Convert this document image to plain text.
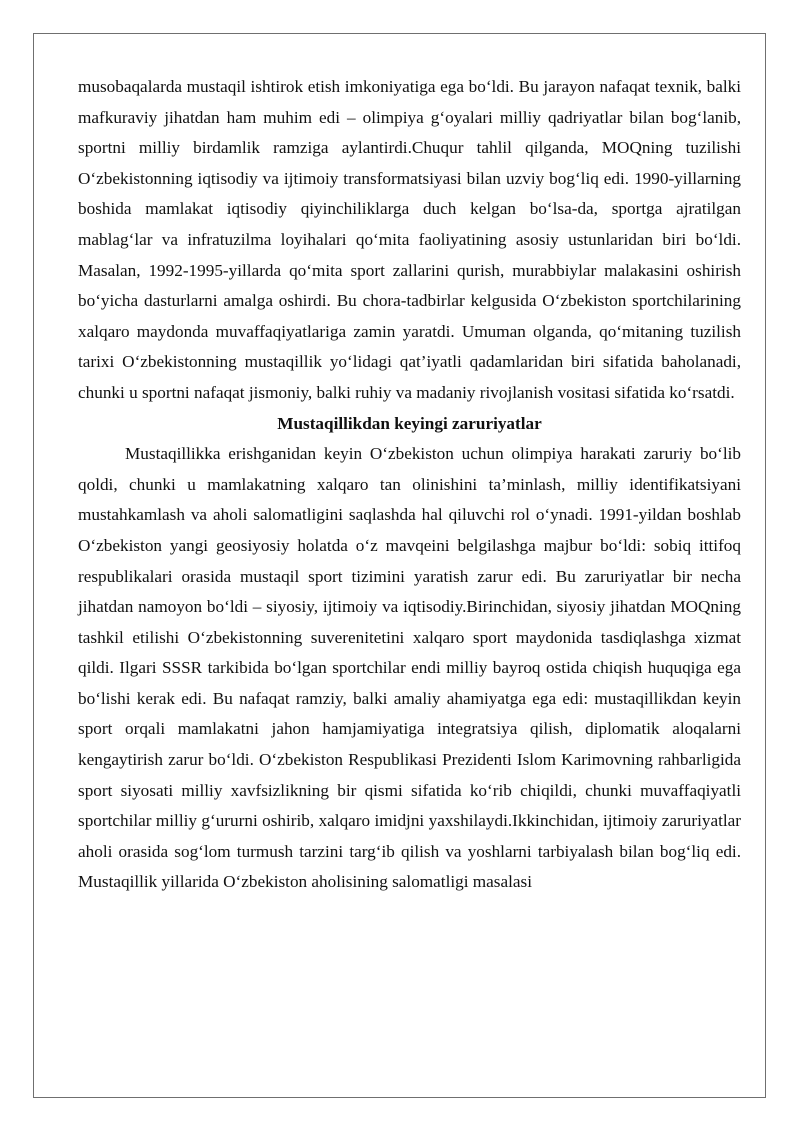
musobaqalarda mustaqil ishtirok etish imkoniyatiga ega bo‘ldi. Bu jarayon nafaqat texnik, balki mafkuraviy jihatdan ham muhim edi – olimpiya g‘oyalari milliy qadriyatlar bilan bog‘lanib, sportni milliy birdamlik ramziga aylantirdi.Chuqur tahlil qilganda, MOQning tuzilishi O‘zbekistonning iqtisodiy va ijtimoiy transformatsiyasi bilan uzviy bog‘liq edi. 1990-yillarning boshida mamlakat iqtisodiy qiyinchiliklarga duch kelgan bo‘lsa-da, sportga ajratilgan mablag‘lar va infratuzilma loyihalari qo‘mita faoliyatining asosiy ustunlaridan biri bo‘ldi. Masalan, 1992-1995-yillarda qo‘mita sport zallarini qurish, murabbiylar malakasini oshirish bo‘yicha dasturlarni amalga oshirdi. Bu chora-tadbirlar kelgusida O‘zbekiston sportchilarining xalqaro maydonda muvaffaqiyatlariga zamin yaratdi. Umuman olganda, qo‘mitaning tuzilish tarixi O‘zbekistonning mustaqillik yo‘lidagi qat’iyatli qadamlaridan biri sifatida baholanadi, chunki u sportni nafaqat jismoniy, balki ruhiy va madaniy rivojlanish vositasi sifatida ko‘rsatdi.

Mustaqillikdan keyingi zaruriyatlar

Mustaqillikka erishganidan keyin O‘zbekiston uchun olimpiya harakati zaruriy bo‘lib qoldi, chunki u mamlakatning xalqaro tan olinishini ta’minlash, milliy identifikatsiyani mustahkamlash va aholi salomatligini saqlashda hal qiluvchi rol o‘ynadi. 1991-yildan boshlab O‘zbekiston yangi geosiyosiy holatda o‘z mavqeini belgilashga majbur bo‘ldi: sobiq ittifoq respublikalari orasida mustaqil sport tizimini yaratish zarur edi. Bu zaruriyatlar bir necha jihatdan namoyon bo‘ldi – siyosiy, ijtimoiy va iqtisodiy.Birinchidan, siyosiy jihatdan MOQning tashkil etilishi O‘zbekistonning suverenitetini xalqaro sport maydonida tasdiqlashga xizmat qildi. Ilgari SSSR tarkibida bo‘lgan sportchilar endi milliy bayroq ostida chiqish huquqiga ega bo‘lishi kerak edi. Bu nafaqat ramziy, balki amaliy ahamiyatga ega edi: mustaqillikdan keyin sport orqali mamlakatni jahon hamjamiyatiga integratsiya qilish, diplomatik aloqalarni kengaytirish zarur bo‘ldi. O‘zbekiston Respublikasi Prezidenti Islom Karimovning rahbarligida sport siyosati milliy xavfsizlikning bir qismi sifatida ko‘rib chiqildi, chunki muvaffaqiyatli sportchilar milliy g‘ururni oshirib, xalqaro imidjni yaxshilaydi.Ikkinchidan, ijtimoiy zaruriyatlar aholi orasida sog‘lom turmush tarzini targ‘ib qilish va yoshlarni tarbiyalash bilan bog‘liq edi. Mustaqillik yillarida O‘zbekiston aholisining salomatligi masalasi
